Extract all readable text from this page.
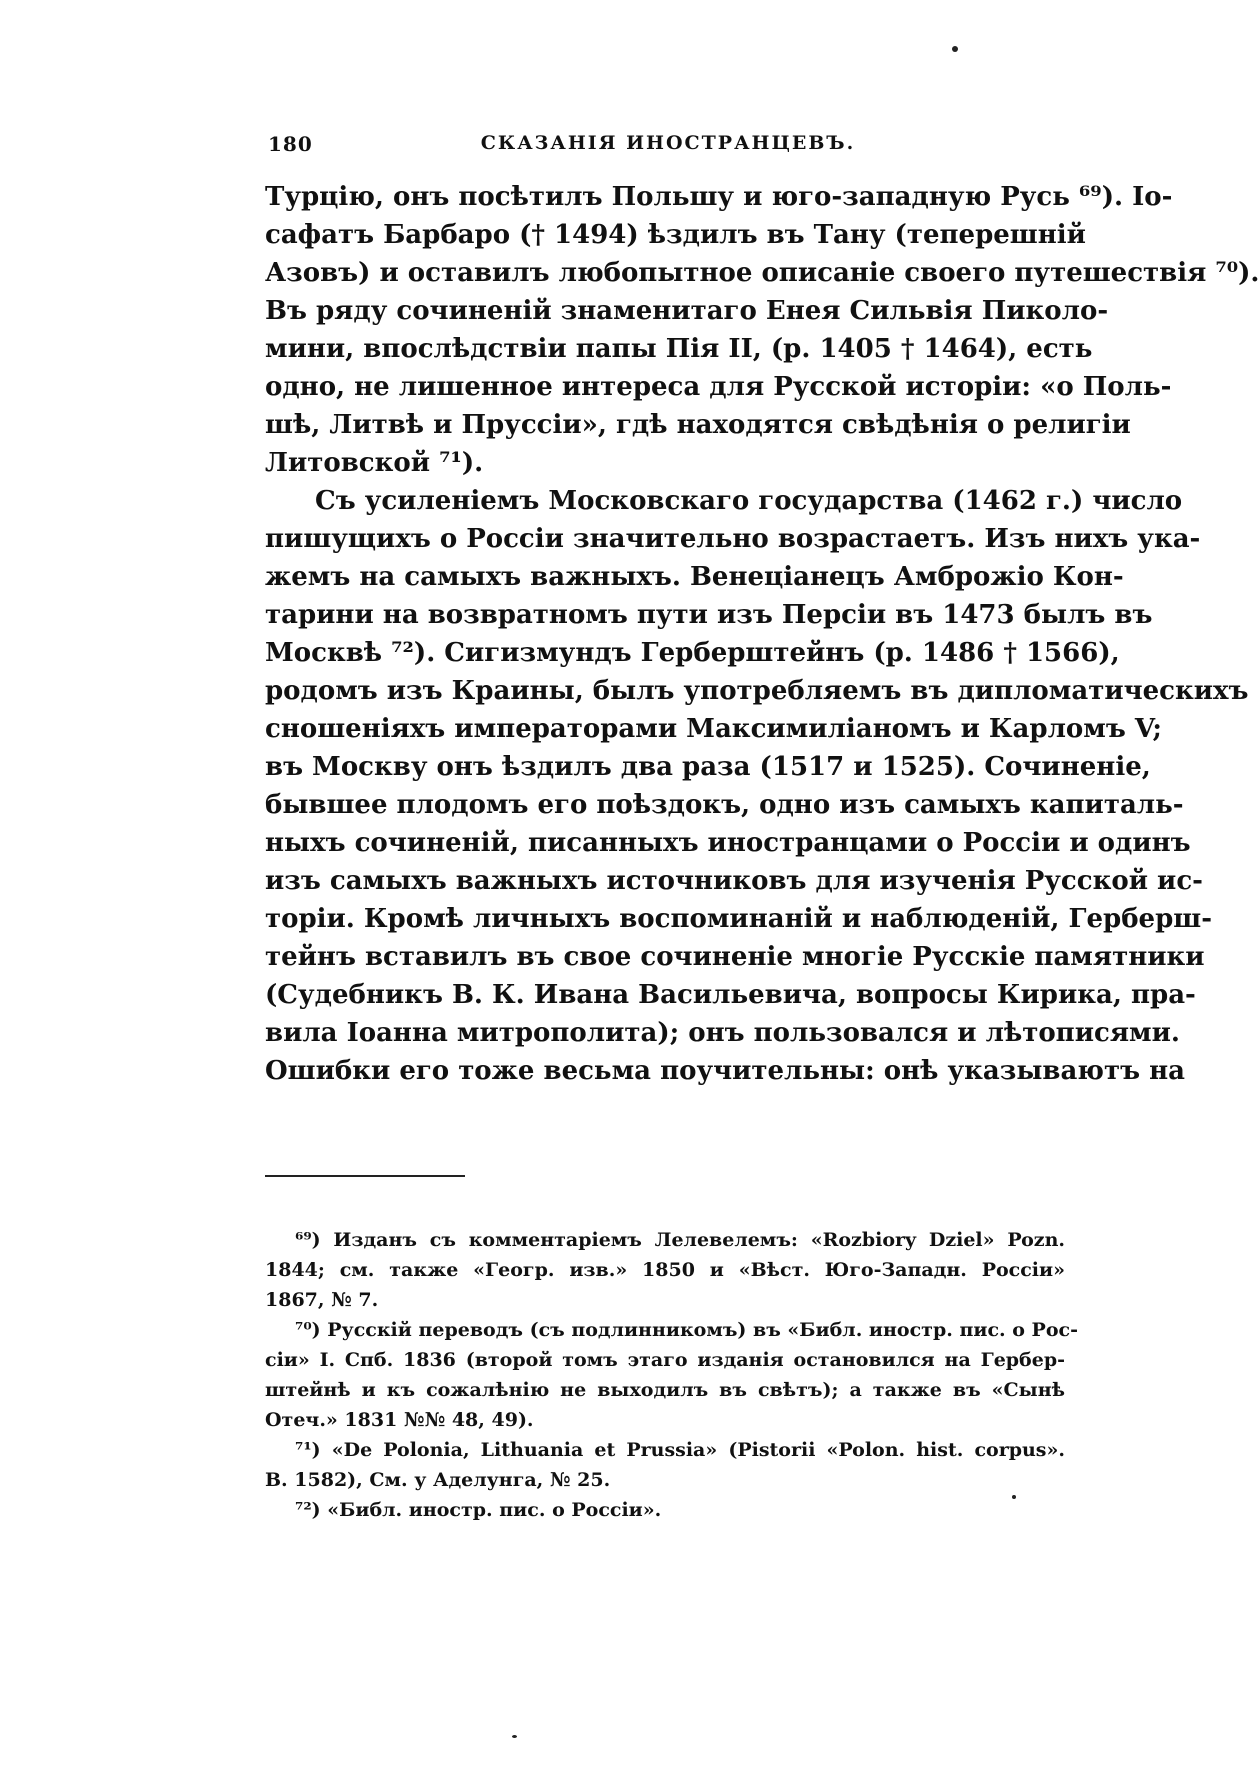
180	СКАЗАНІЯ ИНОСТРАНЦЕВЪ.
Турцію, онъ посѣтилъ Польшу и юго-западную Русь ⁶⁹). Іо-
сафатъ Барбаро († 1494) ѣздилъ въ Тану (теперешній
Азовъ) и оставилъ любопытное описаніе своего путешествія ⁷⁰).
Въ ряду сочиненій знаменитаго Енея Сильвія Пиколо-
мини, впослѣдствіи папы Пія II, (р. 1405 † 1464), есть
одно, не лишенное интереса для Русской исторіи: «о Поль-
шѣ, Литвѣ и Пруссіи», гдѣ находятся свѣдѣнія о религіи
Литовской ⁷¹).
Съ усиленіемъ Московскаго государства (1462 г.) число
пишущихъ о Россіи значительно возрастаетъ. Изъ нихъ ука-
жемъ на самыхъ важныхъ. Венеціанецъ Амброжіо Кон-
тарини на возвратномъ пути изъ Персіи въ 1473 былъ въ
Москвѣ ⁷²). Сигизмундъ Герберштейнъ (р. 1486 † 1566),
родомъ изъ Краины, былъ употребляемъ въ дипломатическихъ
сношеніяхъ императорами Максимиліаномъ и Карломъ V;
въ Москву онъ ѣздилъ два раза (1517 и 1525). Сочиненіе,
бывшее плодомъ его поѣздокъ, одно изъ самыхъ капиталь-
ныхъ сочиненій, писанныхъ иностранцами о Россіи и одинъ
изъ самыхъ важныхъ источниковъ для изученія Русской ис-
торіи. Кромѣ личныхъ воспоминаній и наблюденій, Герберш-
тейнъ вставилъ въ свое сочиненіе многіе Русскіе памятники
(Судебникъ В. К. Ивана Васильевича, вопросы Кирика, пра-
вила Іоанна митрополита); онъ пользовался и лѣтописями.
Ошибки его тоже весьма поучительны: онѣ указываютъ на
⁶⁹) Изданъ съ комментаріемъ Лелевелемъ: «Rozbiory Dziel» Pozn.
1844; см. также «Геогр. изв.» 1850 и «Вѣст. Юго-Западн. Россіи»
1867, № 7.
⁷⁰) Русскій переводъ (съ подлинникомъ) въ «Библ. иностр. пис. о Рос-
сіи» I. Спб. 1836 (второй томъ этаго изданія остановился на Гербер-
штейнѣ и къ сожалѣнію не выходилъ въ свѣтъ); а также въ «Сынѣ
Отеч.» 1831 №№ 48, 49).
⁷¹) «De Polonia, Lithuania et Prussia» (Pistorii «Polon. hist. corpus».
B. 1582), См. у Аделунга, № 25.
⁷²) «Библ. иностр. пис. о Россіи».
